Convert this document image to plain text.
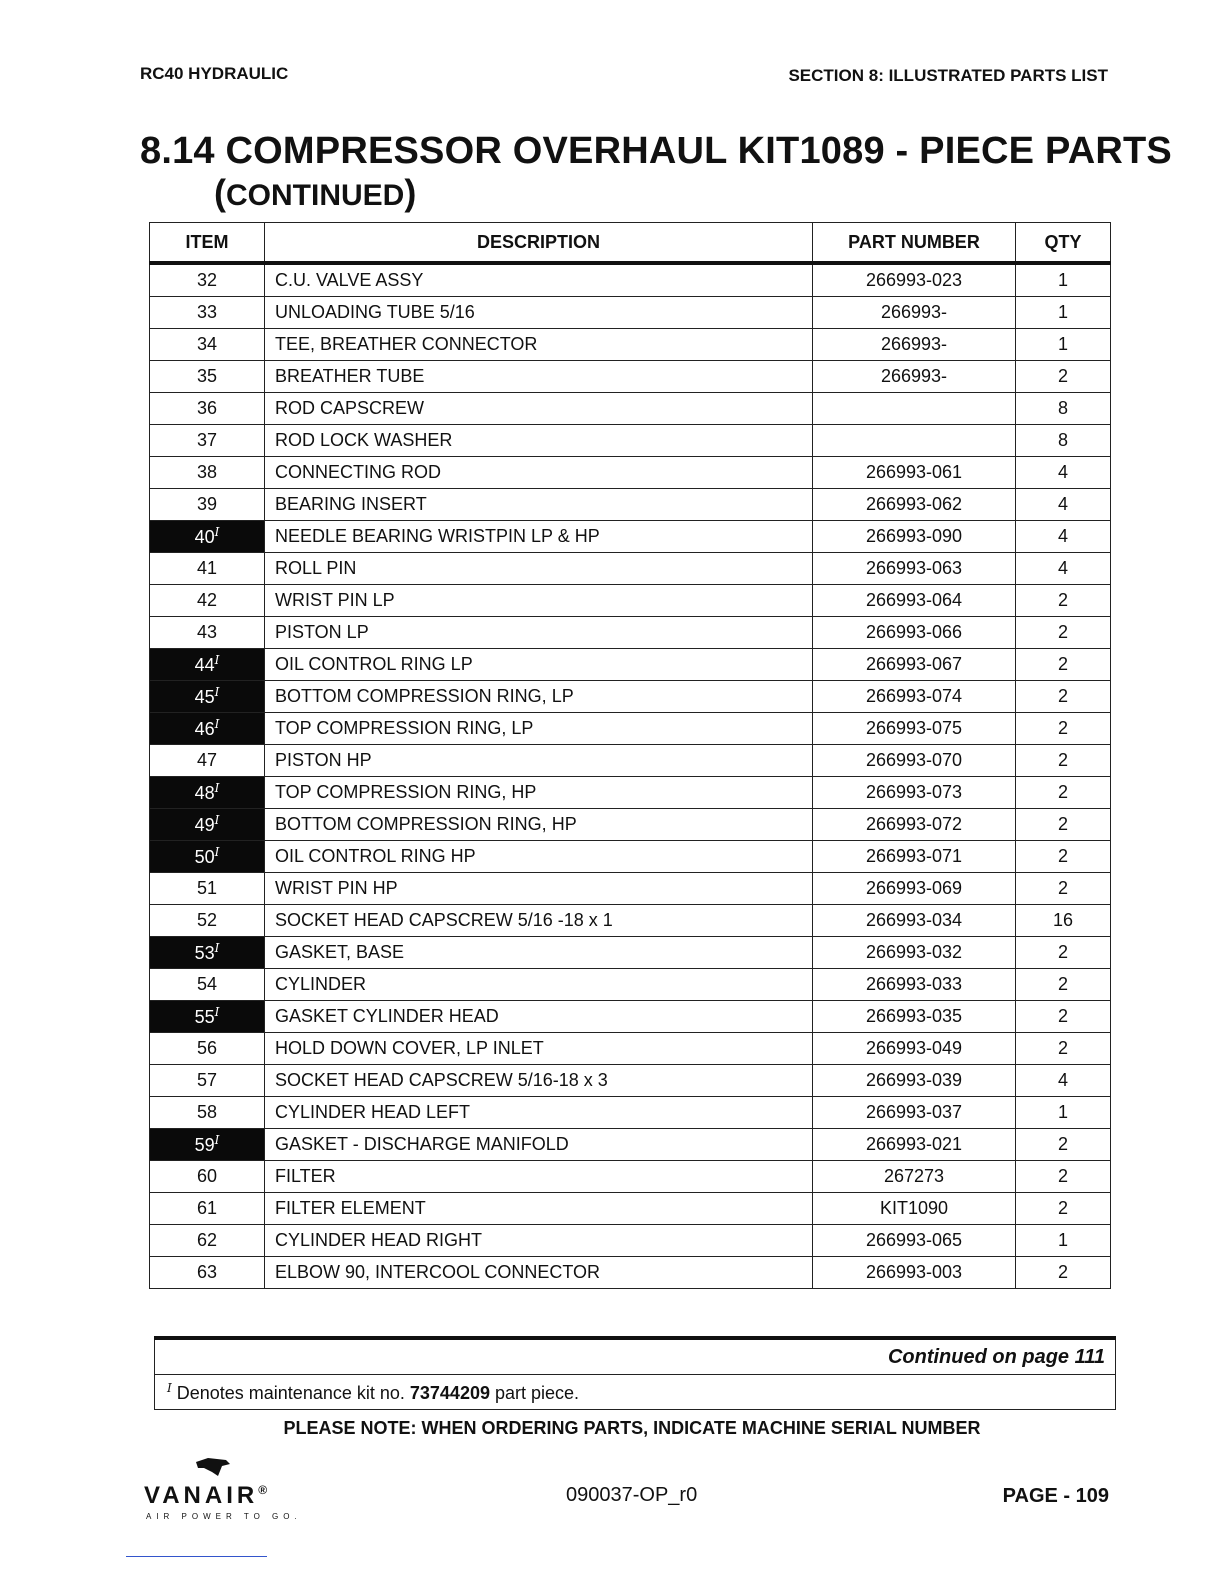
RC40 HYDRAULIC	SECTION 8: ILLUSTRATED PARTS LIST
8.14 COMPRESSOR OVERHAUL KIT1089 - PIECE PARTS
(CONTINUED)
ITEM	DESCRIPTION	PART NUMBER	QTY
32	C.U. VALVE ASSY	266993-023	1
33	UNLOADING TUBE 5/16	266993-	1
34	TEE, BREATHER CONNECTOR	266993-	1
35	BREATHER TUBE	266993-	2
36	ROD CAPSCREW		8
37	ROD LOCK WASHER		8
38	CONNECTING ROD	266993-061	4
39	BEARING INSERT	266993-062	4
$40^I$	NEEDLE BEARING WRISTPIN LP & HP	266993-090	4
41	ROLL PIN	266993-063	4
42	WRIST PIN LP	266993-064	2
43	PISTON LP	266993-066	2
$44^I$	OIL CONTROL RING LP	266993-067	2
$45^I$	BOTTOM COMPRESSION RING, LP	266993-074	2
$46^I$	TOP COMPRESSION RING, LP	266993-075	2
47	PISTON HP	266993-070	2
$48^I$	TOP COMPRESSION RING, HP	266993-073	2
$49^I$	BOTTOM COMPRESSION RING, HP	266993-072	2
$50^I$	OIL CONTROL RING HP	266993-071	2
51	WRIST PIN HP	266993-069	2
52	SOCKET HEAD CAPSCREW 5/16 -18 x 1	266993-034	16
$53^I$	GASKET, BASE	266993-032	2
54	CYLINDER	266993-033	2
$55^I$	GASKET CYLINDER HEAD	266993-035	2
56	HOLD DOWN COVER, LP INLET	266993-049	2
57	SOCKET HEAD CAPSCREW 5/16-18 x 3	266993-039	4
58	CYLINDER HEAD LEFT	266993-037	1
$59^I$	GASKET - DISCHARGE MANIFOLD	266993-021	2
60	FILTER	267273	2
61	FILTER ELEMENT	KIT1090	2
62	CYLINDER HEAD RIGHT	266993-065	1
63	ELBOW 90, INTERCOOL CONNECTOR	266993-003	2
Continued on page 111
$^I$ Denotes maintenance kit no. 73744209 part piece.
PLEASE NOTE: WHEN ORDERING PARTS, INDICATE MACHINE SERIAL NUMBER
VANAIR®
AIR POWER TO GO.
090037-OP_r0	PAGE - 109
